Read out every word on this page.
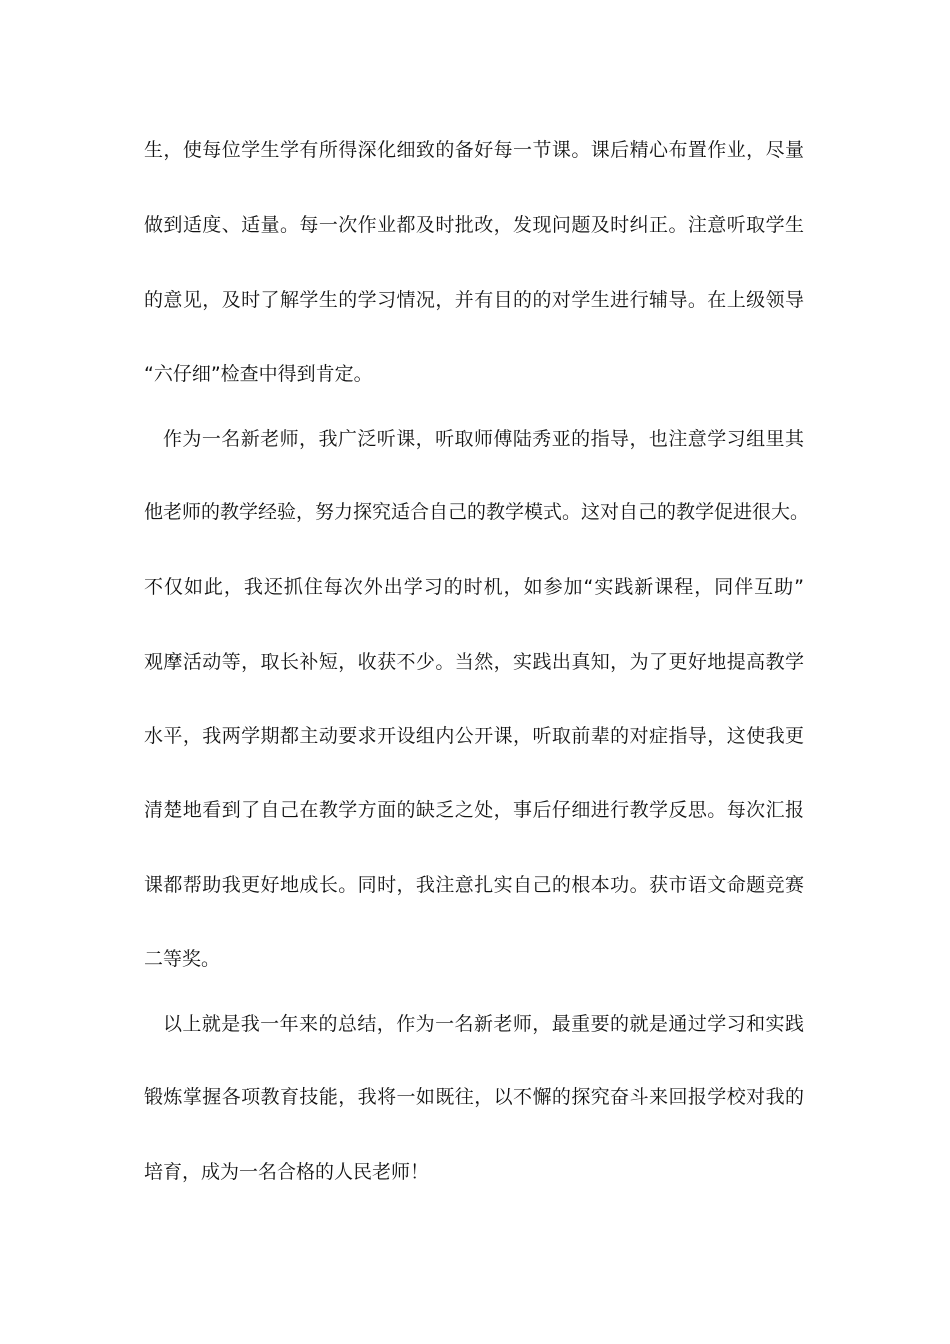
生，使每位学生学有所得深化细致的备好每一节课。课后精心布置作业，尽量
做到适度、适量。每一次作业都及时批改，发现问题及时纠正。注意听取学生
的意见，及时了解学生的学习情况，并有目的的对学生进行辅导。在上级领导
“六仔细”检查中得到肯定。
作为一名新老师，我广泛听课，听取师傅陆秀亚的指导，也注意学习组里其
他老师的教学经验，努力探究适合自己的教学模式。这对自己的教学促进很大。
不仅如此，我还抓住每次外出学习的时机，如参加“实践新课程，同伴互助”
观摩活动等，取长补短，收获不少。当然，实践出真知，为了更好地提高教学
水平，我两学期都主动要求开设组内公开课，听取前辈的对症指导，这使我更
清楚地看到了自己在教学方面的缺乏之处，事后仔细进行教学反思。每次汇报
课都帮助我更好地成长。同时，我注意扎实自己的根本功。获市语文命题竞赛
二等奖。
以上就是我一年来的总结，作为一名新老师，最重要的就是通过学习和实践
锻炼掌握各项教育技能，我将一如既往，以不懈的探究奋斗来回报学校对我的
培育，成为一名合格的人民老师！
